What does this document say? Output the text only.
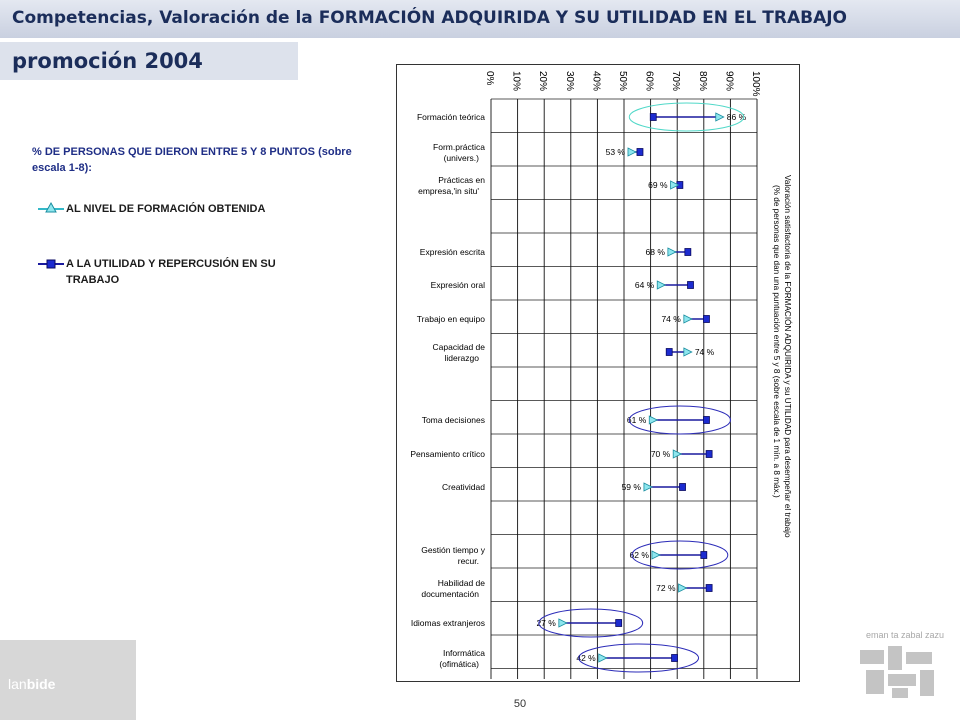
Competencias, Valoración de la FORMACIÓN ADQUIRIDA Y SU UTILIDAD EN EL TRABAJO
promoción 2004
% DE PERSONAS QUE DIERON ENTRE 5 Y 8 PUNTOS (sobre escala 1-8):
AL NIVEL DE FORMACIÓN OBTENIDA
A LA UTILIDAD Y REPERCUSIÓN EN SU TRABAJO
0% 10% 20% 30% 40% 50% 60% 70% 80% 90% 100%
Formación teórica
Form.práctica (univers.)
Prácticas en empresa,'in situ'
Expresión escrita
Expresión oral
Trabajo en equipo
Capacidad de liderazgo
Toma decisiones
Pensamiento crítico
Creatividad
Gestión tiempo y recur.
Habilidad de documentación
Idiomas extranjeros
Informática (ofimática)
86 %
53 %
69 %
68 %
64 %
74 %
74 %
61 %
70 %
59 %
62 %
72 %
27 %
42 %
Valoración satisfactoria de la FORMACIÓN ADQUIRIDA y su UTILIDAD para desempeñar el trabajo(% de personas que dan una puntuación entre 5 y 8 (sobre escala de 1 mín. a 8 máx.)
lanbide
50
eman ta zabal zazu
